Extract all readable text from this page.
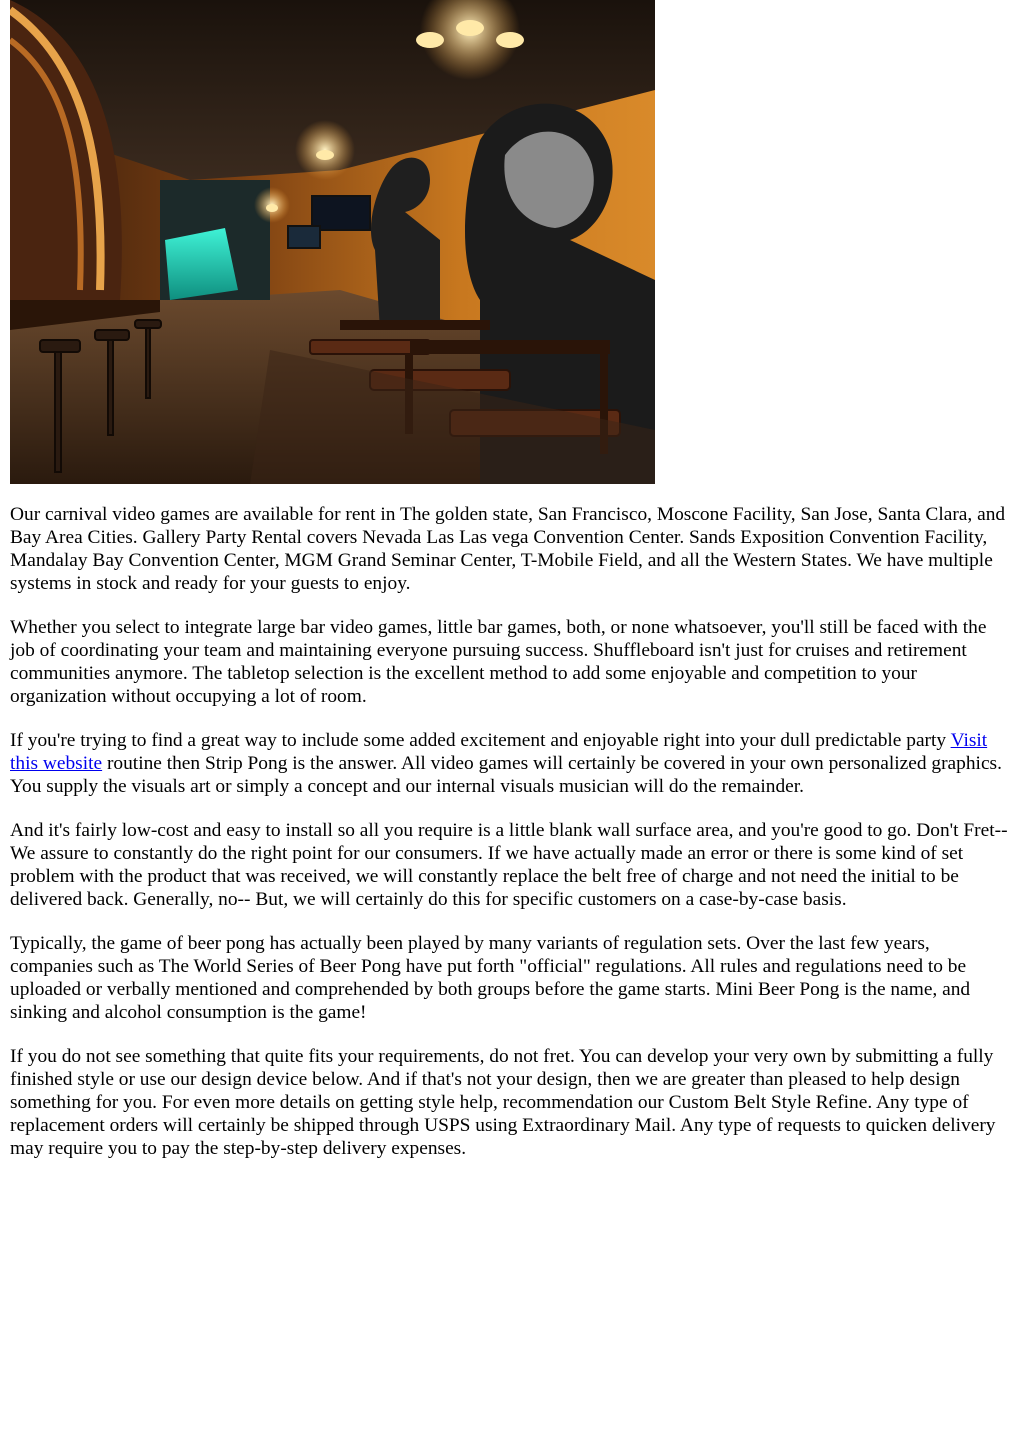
Our carnival video games are available for rent in The golden state, San Francisco, Moscone Facility, San Jose, Santa Clara, and Bay Area Cities. Gallery Party Rental covers Nevada Las Las vega Convention Center. Sands Exposition Convention Facility, Mandalay Bay Convention Center, MGM Grand Seminar Center, T-Mobile Field, and all the Western States. We have multiple systems in stock and ready for your guests to enjoy.

Whether you select to integrate large bar video games, little bar games, both, or none whatsoever, you'll still be faced with the job of coordinating your team and maintaining everyone pursuing success. Shuffleboard isn't just for cruises and retirement communities anymore. The tabletop selection is the excellent method to add some enjoyable and competition to your organization without occupying a lot of room.

If you're trying to find a great way to include some added excitement and enjoyable right into your dull predictable party Visit this website routine then Strip Pong is the answer. All video games will certainly be covered in your own personalized graphics. You supply the visuals art or simply a concept and our internal visuals musician will do the remainder.

And it's fairly low-cost and easy to install so all you require is a little blank wall surface area, and you're good to go. Don't Fret-- We assure to constantly do the right point for our consumers. If we have actually made an error or there is some kind of set problem with the product that was received, we will constantly replace the belt free of charge and not need the initial to be delivered back. Generally, no-- But, we will certainly do this for specific customers on a case-by-case basis.

Typically, the game of beer pong has actually been played by many variants of regulation sets. Over the last few years, companies such as The World Series of Beer Pong have put forth "official" regulations. All rules and regulations need to be uploaded or verbally mentioned and comprehended by both groups before the game starts. Mini Beer Pong is the name, and sinking and alcohol consumption is the game!

If you do not see something that quite fits your requirements, do not fret. You can develop your very own by submitting a fully finished style or use our design device below. And if that's not your design, then we are greater than pleased to help design something for you. For even more details on getting style help, recommendation our Custom Belt Style Refine. Any type of replacement orders will certainly be shipped through USPS using Extraordinary Mail. Any type of requests to quicken delivery may require you to pay the step-by-step delivery expenses.
